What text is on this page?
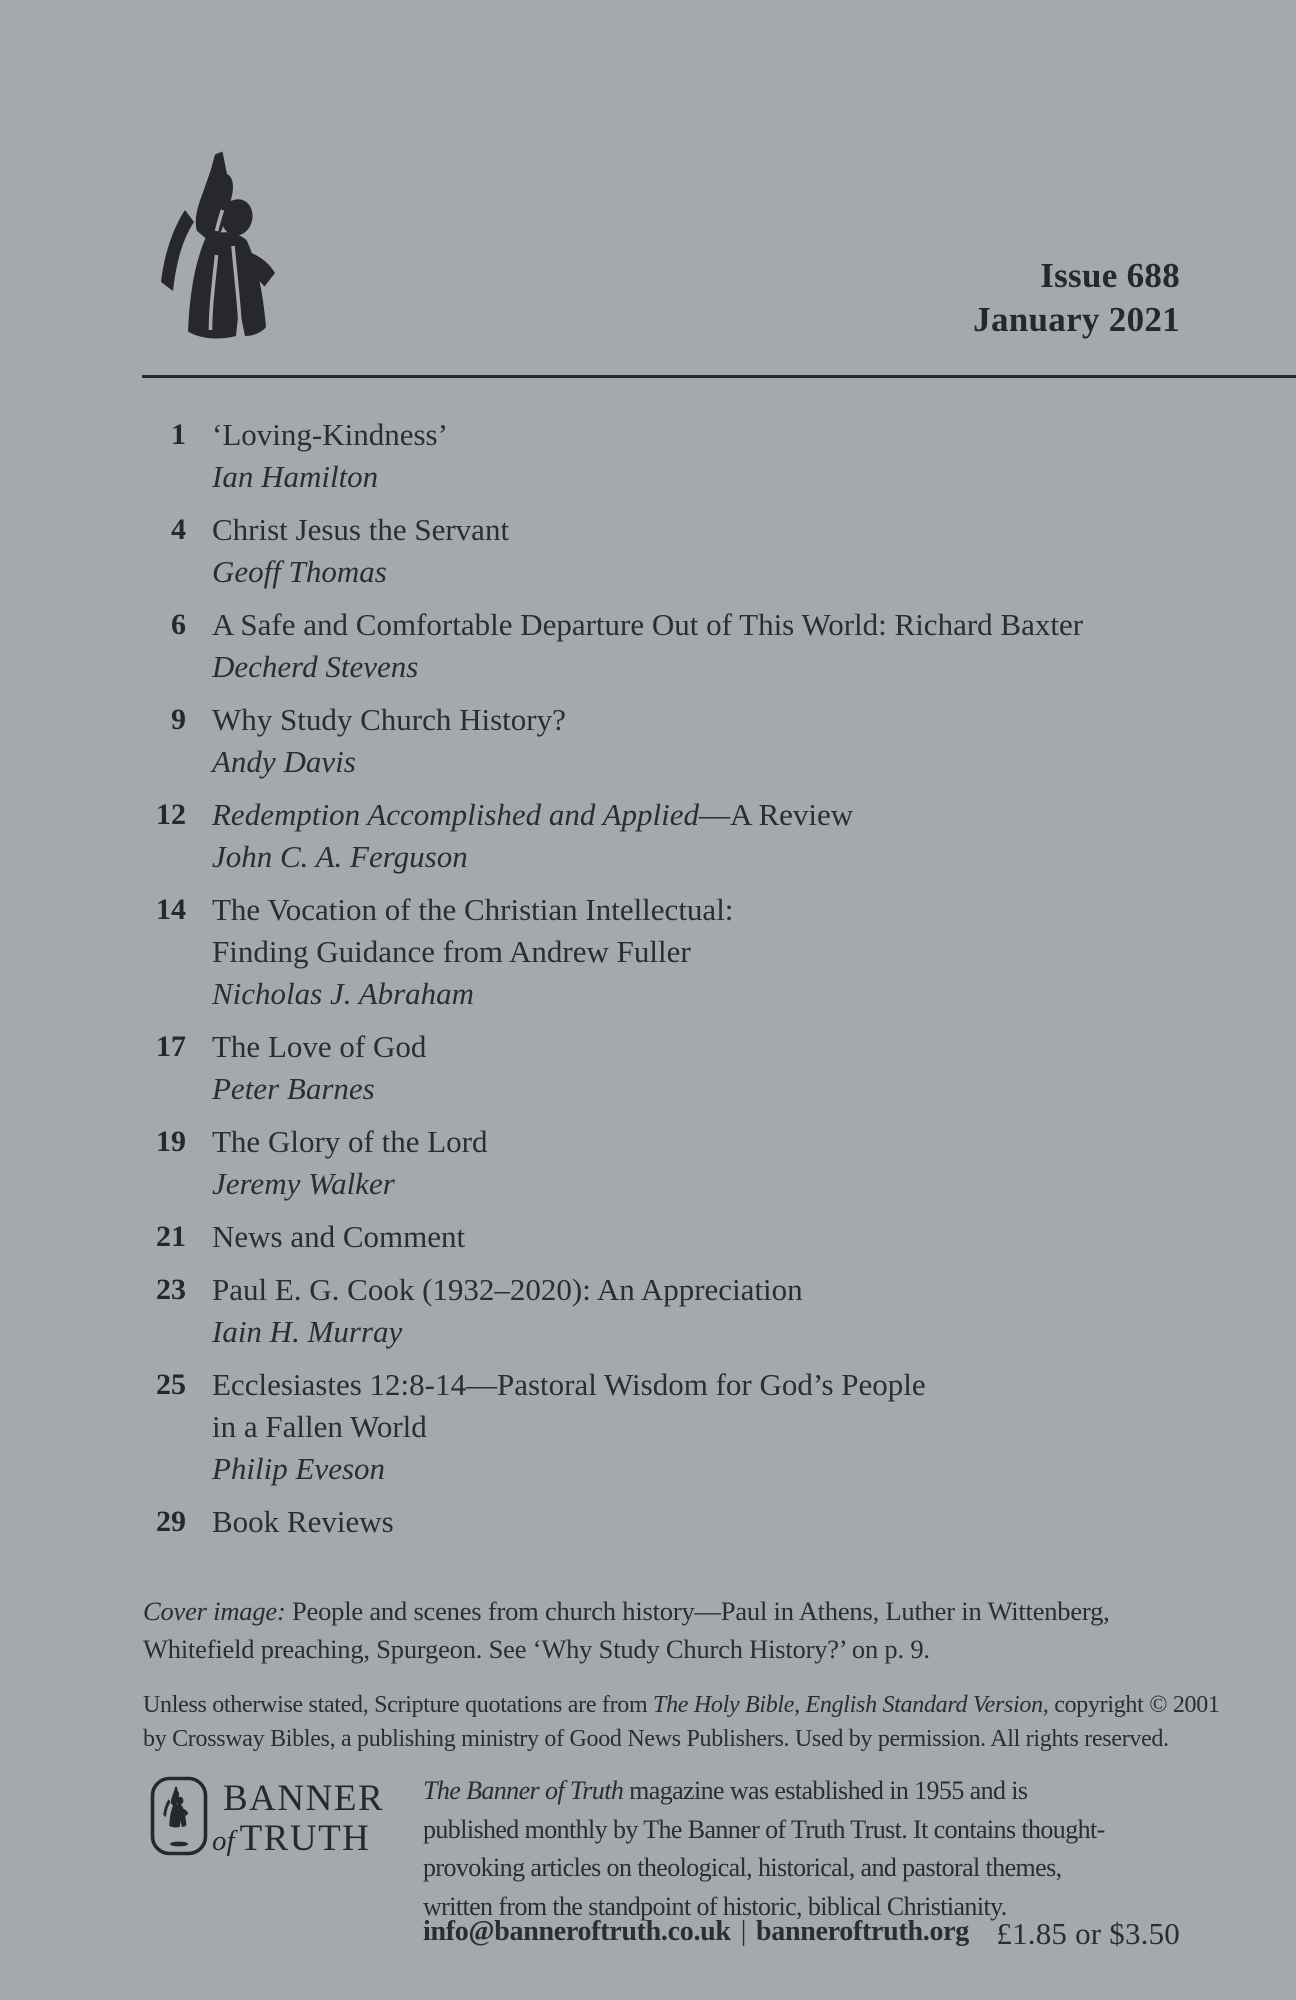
Issue 688
January 2021
1 ‘Loving-Kindness’
Ian Hamilton
4 Christ Jesus the Servant
Geoff Thomas
6 A Safe and Comfortable Departure Out of This World: Richard Baxter
Decherd Stevens
9 Why Study Church History?
Andy Davis
12 Redemption Accomplished and Applied—A Review
John C. A. Ferguson
14 The Vocation of the Christian Intellectual:
Finding Guidance from Andrew Fuller
Nicholas J. Abraham
17 The Love of God
Peter Barnes
19 The Glory of the Lord
Jeremy Walker
21 News and Comment
23 Paul E. G. Cook (1932–2020): An Appreciation
Iain H. Murray
25 Ecclesiastes 12:8-14—Pastoral Wisdom for God’s People
in a Fallen World
Philip Eveson
29 Book Reviews
Cover image: People and scenes from church history—Paul in Athens, Luther in Wittenberg,
Whitefield preaching, Spurgeon. See ‘Why Study Church History?’ on p. 9.
Unless otherwise stated, Scripture quotations are from The Holy Bible, English Standard Version, copyright © 2001
by Crossway Bibles, a publishing ministry of Good News Publishers. Used by permission. All rights reserved.
BANNER
of TRUTH
The Banner of Truth magazine was established in 1955 and is
published monthly by The Banner of Truth Trust. It contains thought-
provoking articles on theological, historical, and pastoral themes,
written from the standpoint of historic, biblical Christianity.
info@banneroftruth.co.uk | banneroftruth.org £1.85 or $3.50
